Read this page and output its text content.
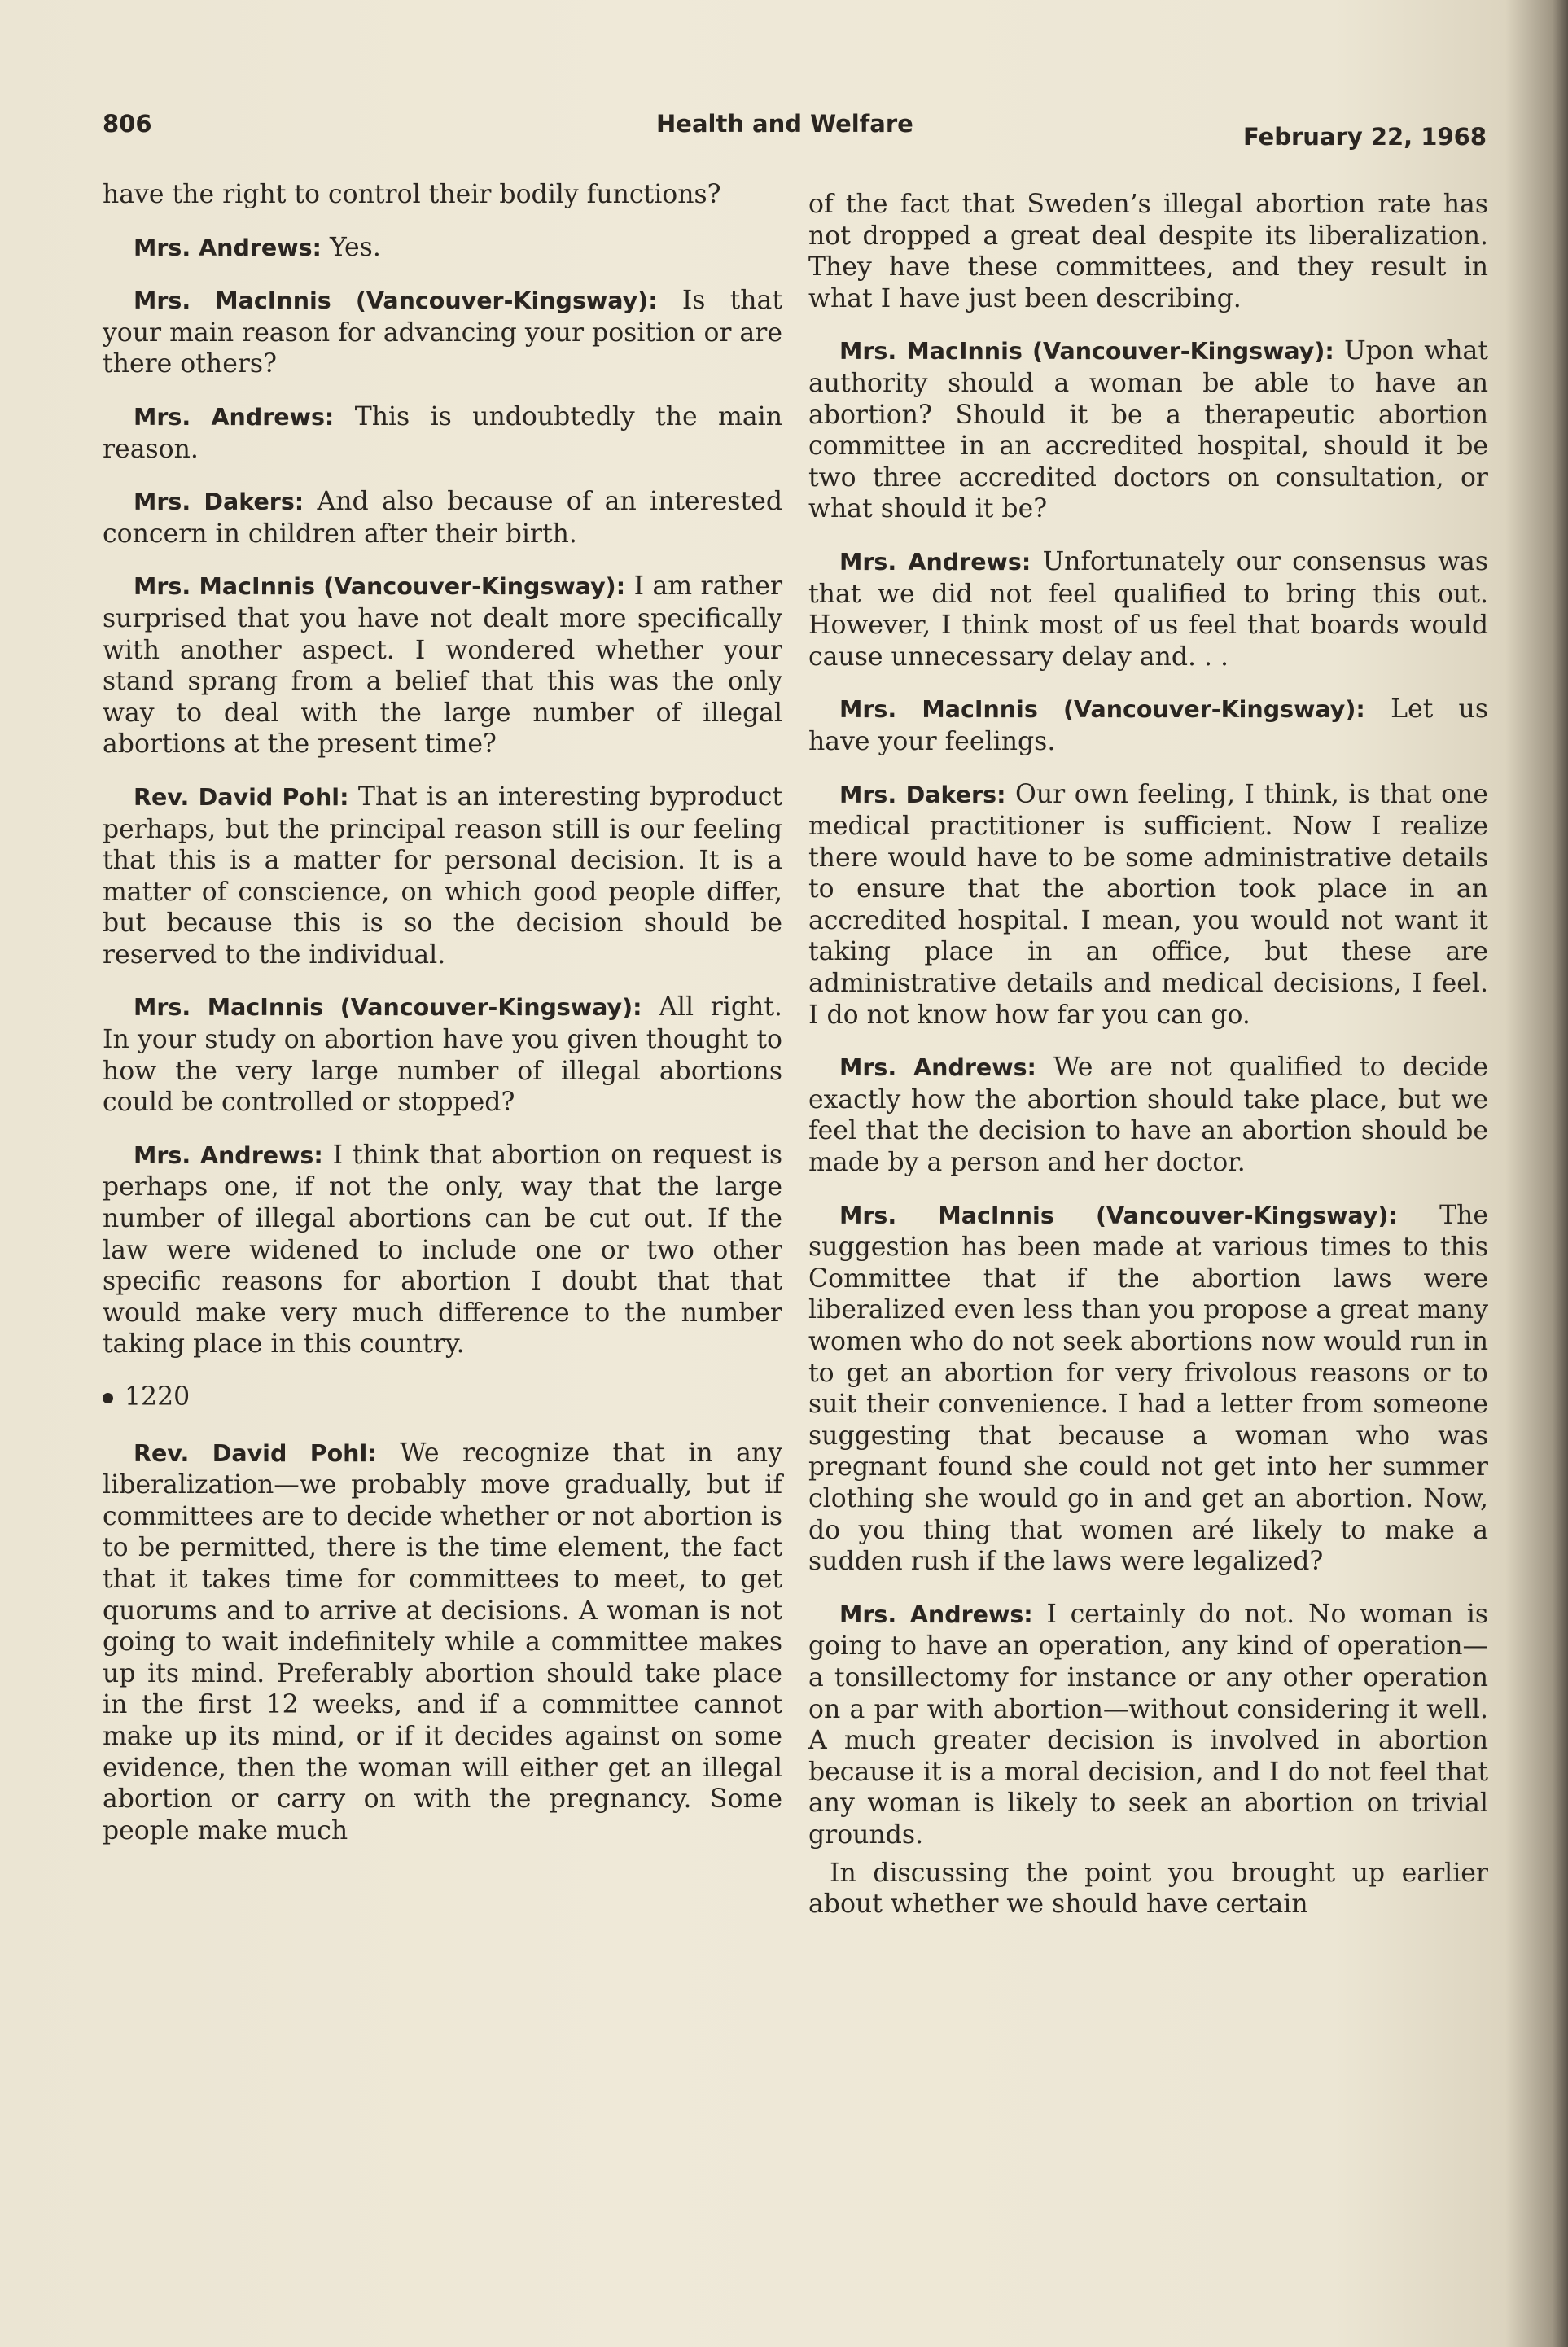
806	Health and Welfare	February 22, 1968

have the right to control their bodily functions?

Mrs. Andrews: Yes.

Mrs. MacInnis (Vancouver-Kingsway): Is that your main reason for advancing your position or are there others?

Mrs. Andrews: This is undoubtedly the main reason.

Mrs. Dakers: And also because of an interested concern in children after their birth.

Mrs. MacInnis (Vancouver-Kingsway): I am rather surprised that you have not dealt more specifically with another aspect. I wondered whether your stand sprang from a belief that this was the only way to deal with the large number of illegal abortions at the present time?

Rev. David Pohl: That is an interesting byproduct perhaps, but the principal reason still is our feeling that this is a matter for personal decision. It is a matter of conscience, on which good people differ, but because this is so the decision should be reserved to the individual.

Mrs. MacInnis (Vancouver-Kingsway): All right. In your study on abortion have you given thought to how the very large number of illegal abortions could be controlled or stopped?

Mrs. Andrews: I think that abortion on request is perhaps one, if not the only, way that the large number of illegal abortions can be cut out. If the law were widened to include one or two other specific reasons for abortion I doubt that that would make very much difference to the number taking place in this country.

1220

Rev. David Pohl: We recognize that in any liberalization—we probably move gradually, but if committees are to decide whether or not abortion is to be permitted, there is the time element, the fact that it takes time for committees to meet, to get quorums and to arrive at decisions. A woman is not going to wait indefinitely while a committee makes up its mind. Preferably abortion should take place in the first 12 weeks, and if a committee cannot make up its mind, or if it decides against on some evidence, then the woman will either get an illegal abortion or carry on with the pregnancy. Some people make much

of the fact that Sweden’s illegal abortion rate has not dropped a great deal despite its liberalization. They have these committees, and they result in what I have just been describing.

Mrs. MacInnis (Vancouver-Kingsway): Upon what authority should a woman be able to have an abortion? Should it be a therapeutic abortion committee in an accredited hospital, should it be two three accredited doctors on consultation, or what should it be?

Mrs. Andrews: Unfortunately our consensus was that we did not feel qualified to bring this out. However, I think most of us feel that boards would cause unnecessary delay and. . .

Mrs. MacInnis (Vancouver-Kingsway): Let us have your feelings.

Mrs. Dakers: Our own feeling, I think, is that one medical practitioner is sufficient. Now I realize there would have to be some administrative details to ensure that the abortion took place in an accredited hospital. I mean, you would not want it taking place in an office, but these are administrative details and medical decisions, I feel. I do not know how far you can go.

Mrs. Andrews: We are not qualified to decide exactly how the abortion should take place, but we feel that the decision to have an abortion should be made by a person and her doctor.

Mrs. MacInnis (Vancouver-Kingsway): The suggestion has been made at various times to this Committee that if the abortion laws were liberalized even less than you propose a great many women who do not seek abortions now would run in to get an abortion for very frivolous reasons or to suit their convenience. I had a letter from someone suggesting that because a woman who was pregnant found she could not get into her summer clothing she would go in and get an abortion. Now, do you thing that women aré likely to make a sudden rush if the laws were legalized?

Mrs. Andrews: I certainly do not. No woman is going to have an operation, any kind of operation—a tonsillectomy for instance or any other operation on a par with abortion—without considering it well. A much greater decision is involved in abortion because it is a moral decision, and I do not feel that any woman is likely to seek an abortion on trivial grounds.

In discussing the point you brought up earlier about whether we should have certain
